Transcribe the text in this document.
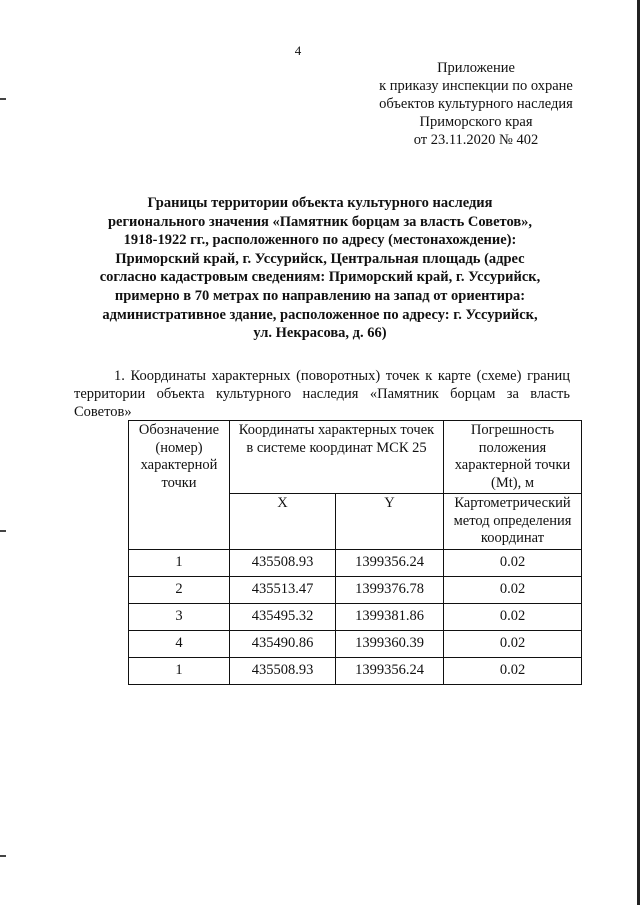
4
Приложение
к приказу инспекции по охране
объектов культурного наследия
Приморского края
от 23.11.2020 № 402
Границы территории объекта культурного наследия
регионального значения «Памятник борцам за власть Советов»,
1918-1922 гг., расположенного по адресу (местонахождение):
Приморский край, г. Уссурийск, Центральная площадь (адрес
согласно кадастровым сведениям: Приморский край, г. Уссурийск,
примерно в 70 метрах по направлению на запад от ориентира:
административное здание, расположенное по адресу: г. Уссурийск,
ул. Некрасова, д. 66)

1. Координаты характерных (поворотных) точек к карте (схеме) границ территории объекта культурного наследия «Памятник борцам за власть Советов»

Обозначение (номер) характерной точки	Координаты характерных точек в системе координат МСК 25		Погрешность положения характерной точки (Mt), м
	X	Y	Картометрический метод определения координат
1	435508.93	1399356.24	0.02
2	435513.47	1399376.78	0.02
3	435495.32	1399381.86	0.02
4	435490.86	1399360.39	0.02
1	435508.93	1399356.24	0.02
